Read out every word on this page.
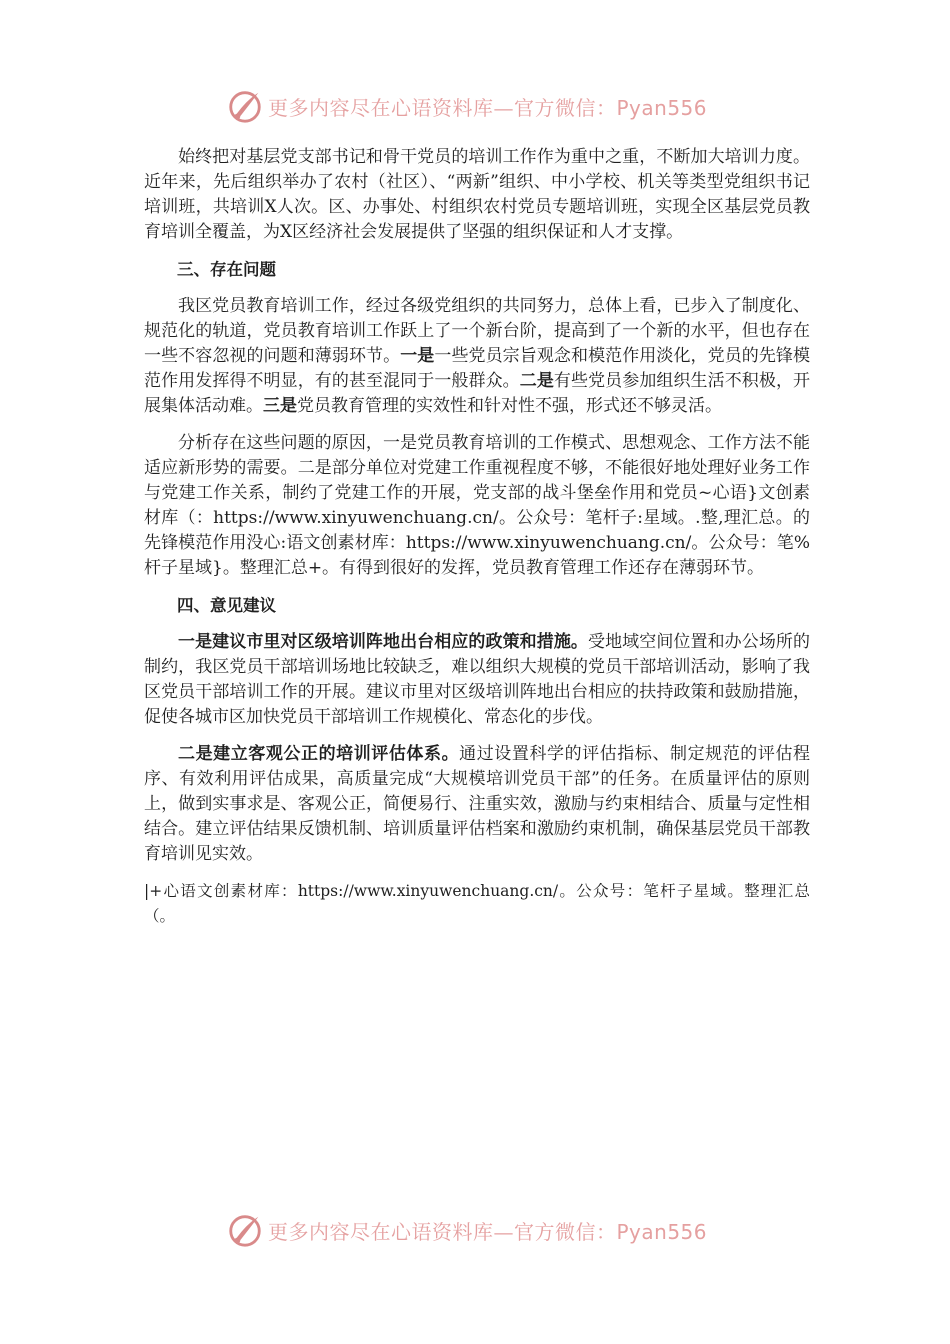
更多内容尽在心语资料库—官方微信：Pyan556

始终把对基层党支部书记和骨干党员的培训工作作为重中之重，不断加大培训力度。近年来，先后组织举办了农村（社区）、“两新”组织、中小学校、机关等类型党组织书记培训班，共培训X人次。区、办事处、村组织农村党员专题培训班，实现全区基层党员教育培训全覆盖，为X区经济社会发展提供了坚强的组织保证和人才支撑。

三、存在问题

我区党员教育培训工作，经过各级党组织的共同努力，总体上看，已步入了制度化、规范化的轨道，党员教育培训工作跃上了一个新台阶，提高到了一个新的水平，但也存在一些不容忽视的问题和薄弱环节。一是一些党员宗旨观念和模范作用淡化，党员的先锋模范作用发挥得不明显，有的甚至混同于一般群众。二是有些党员参加组织生活不积极，开展集体活动难。三是党员教育管理的实效性和针对性不强，形式还不够灵活。

分析存在这些问题的原因，一是党员教育培训的工作模式、思想观念、工作方法不能适应新形势的需要。二是部分单位对党建工作重视程度不够，不能很好地处理好业务工作与党建工作关系，制约了党建工作的开展，党支部的战斗堡垒作用和党员~心语}文创素材库（：https://www.xinyuwenchuang.cn/。公众号：笔杆子:星域。.整,理汇总。的先锋模范作用没心:语文创素材库：https://www.xinyuwenchuang.cn/。公众号：笔%杆子星域}。整理汇总+。有得到很好的发挥，党员教育管理工作还存在薄弱环节。

四、意见建议

一是建议市里对区级培训阵地出台相应的政策和措施。受地域空间位置和办公场所的制约，我区党员干部培训场地比较缺乏，难以组织大规模的党员干部培训活动，影响了我区党员干部培训工作的开展。建议市里对区级培训阵地出台相应的扶持政策和鼓励措施，促使各城市区加快党员干部培训工作规模化、常态化的步伐。

二是建立客观公正的培训评估体系。通过设置科学的评估指标、制定规范的评估程序、有效利用评估成果，高质量完成“大规模培训党员干部”的任务。在质量评估的原则上，做到实事求是、客观公正，简便易行、注重实效，激励与约束相结合、质量与定性相结合。建立评估结果反馈机制、培训质量评估档案和激励约束机制，确保基层党员干部教育培训见实效。

|+心语文创素材库：https://www.xinyuwenchuang.cn/。公众号：笔杆子星域。整理汇总（。

更多内容尽在心语资料库—官方微信：Pyan556
